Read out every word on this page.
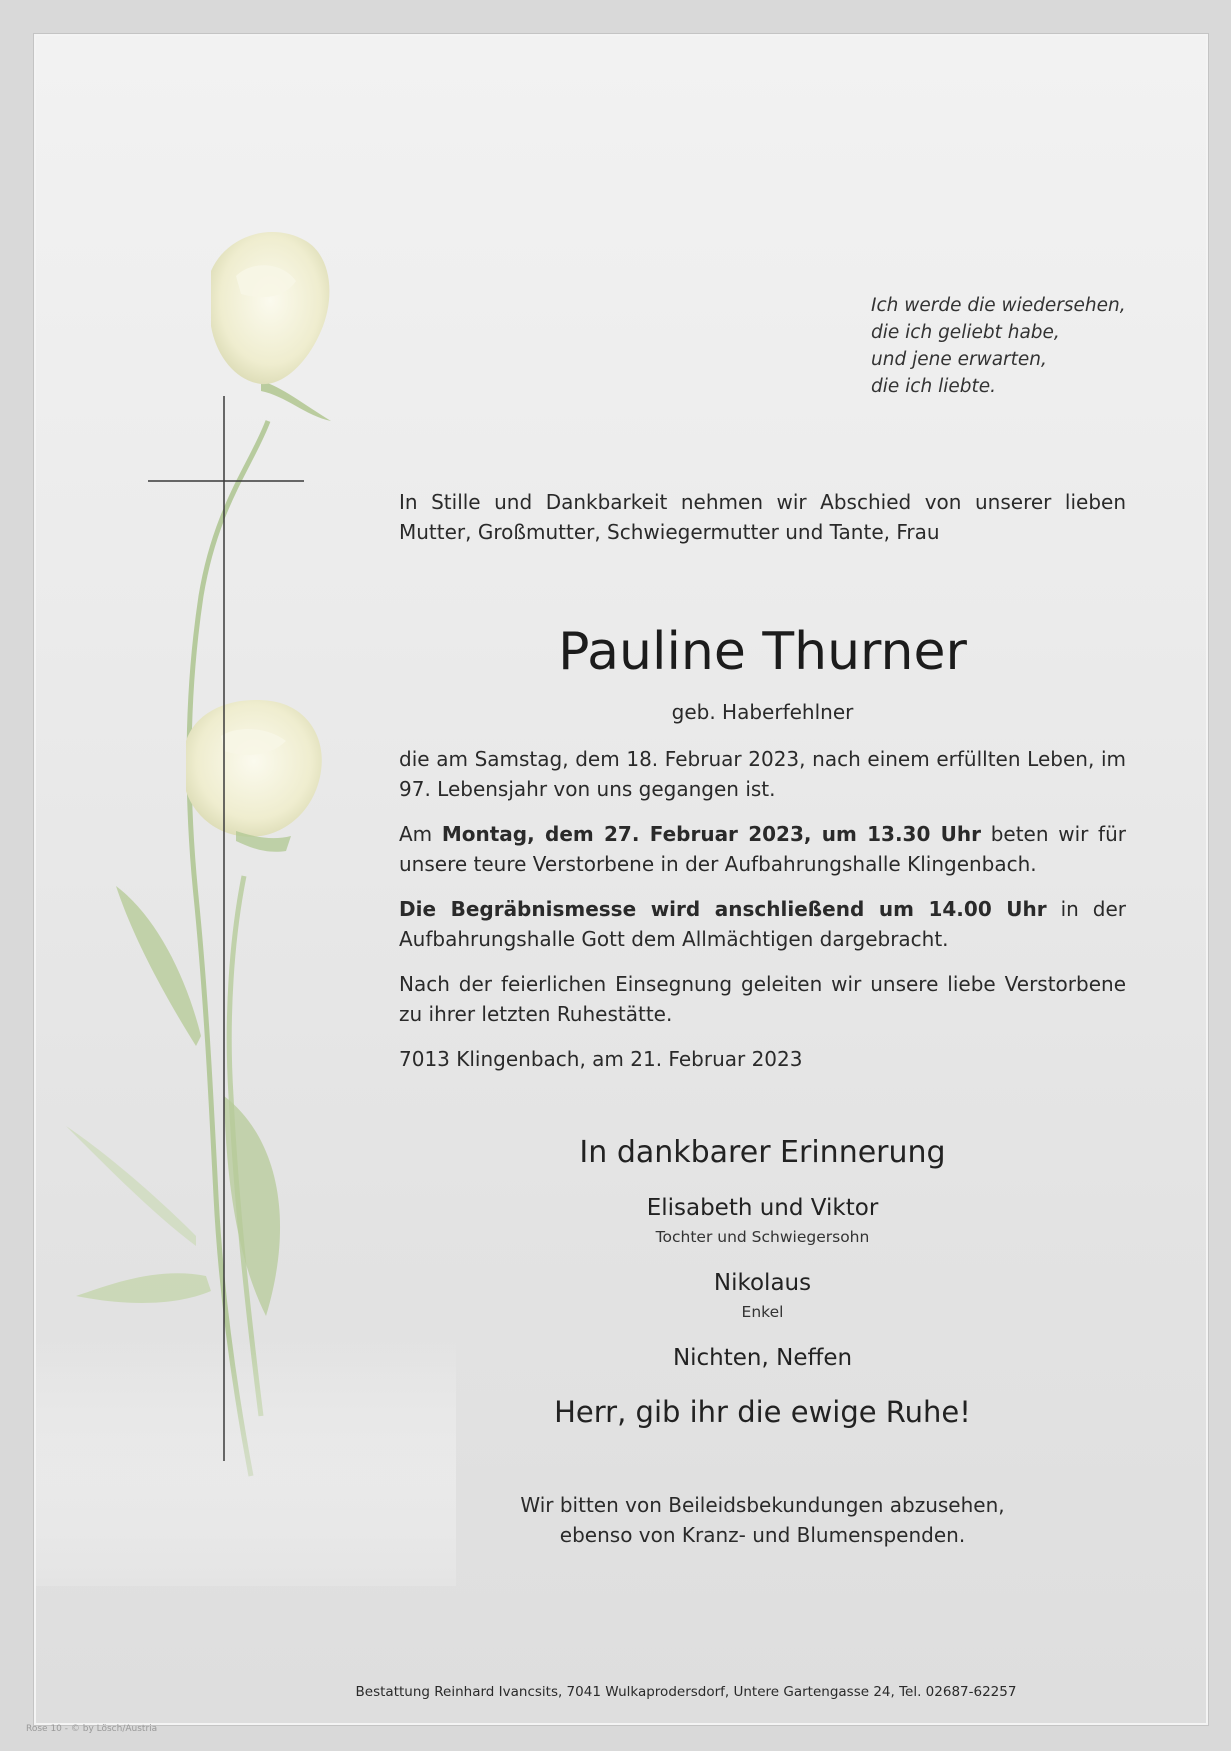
Ich werde die wiedersehen,
die ich geliebt habe,
und jene erwarten,
die ich liebte.
In Stille und Dankbarkeit nehmen wir Abschied von unserer lieben Mutter, Großmutter, Schwiegermutter und Tante, Frau
Pauline Thurner
geb. Haberfehlner
die am Samstag, dem 18. Februar 2023, nach einem erfüllten Leben, im 97. Lebensjahr von uns gegangen ist.
Am Montag, dem 27. Februar 2023, um 13.30 Uhr beten wir für unsere teure Verstorbene in der Aufbahrungshalle Klingenbach.
Die Begräbnismesse wird anschließend um 14.00 Uhr in der Aufbahrungshalle Gott dem Allmächtigen dargebracht.
Nach der feierlichen Einsegnung geleiten wir unsere liebe Verstorbene zu ihrer letzten Ruhestätte.
7013 Klingenbach, am 21. Februar 2023
In dankbarer Erinnerung
Elisabeth und Viktor
Tochter und Schwiegersohn
Nikolaus
Enkel
Nichten, Neffen
Herr, gib ihr die ewige Ruhe!
Wir bitten von Beileidsbekundungen abzusehen,
ebenso von Kranz- und Blumenspenden.
Bestattung Reinhard Ivancsits, 7041 Wulkaprodersdorf, Untere Gartengasse 24, Tel. 02687-62257
Rose 10 - © by Lösch/Austria
